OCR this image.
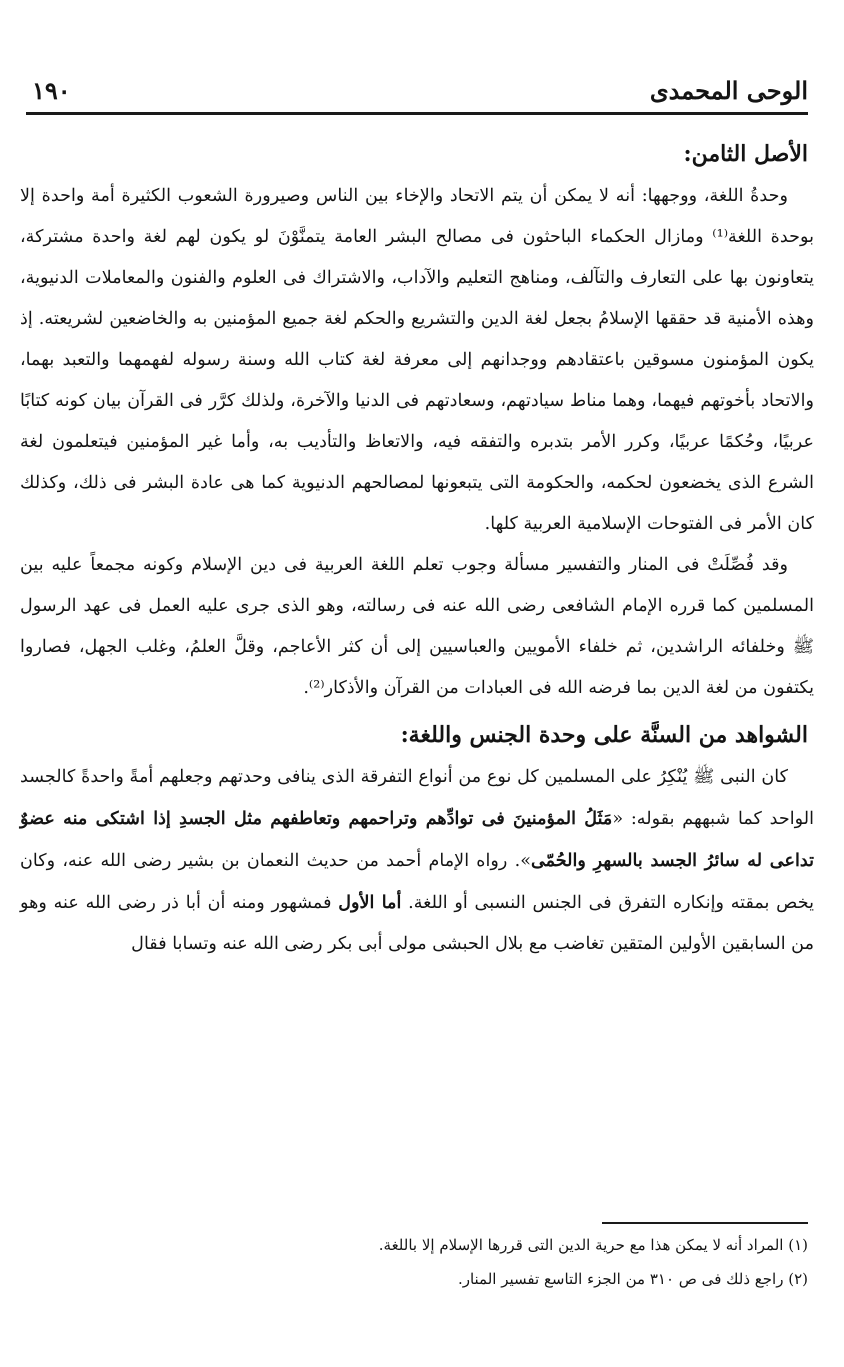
الوحى المحمدى
١٩٠
الأصل الثامن:

وحدةُ اللغة، ووجهها: أنه لا يمكن أن يتم الاتحاد والإخاء بين الناس وصيرورة الشعوب الكثيرة أمة واحدة إلا بوحدة اللغة⁽¹⁾ ومازال الحكماء الباحثون فى مصالح البشر العامة يتمنَّوْنَ لو يكون لهم لغة واحدة مشتركة، يتعاونون بها على التعارف والتآلف، ومناهج التعليم والآداب، والاشتراك فى العلوم والفنون والمعاملات الدنيوية، وهذه الأمنية قد حققها الإسلامُ بجعل لغة الدين والتشريع والحكم لغة جميع المؤمنين به والخاضعين لشريعته. إذ يكون المؤمنون مسوقين باعتقادهم ووجدانهم إلى معرفة لغة كتاب الله وسنة رسوله لفهمهما والتعبد بهما، والاتحاد بأخوتهم فيهما، وهما مناط سيادتهم، وسعادتهم فى الدنيا والآخرة، ولذلك كرَّر فى القرآن بيان كونه كتابًا عربيًا، وحُكمًا عربيًا، وكرر الأمر بتدبره والتفقه فيه، والاتعاظ والتأديب به، وأما غير المؤمنين فيتعلمون لغة الشرع الذى يخضعون لحكمه، والحكومة التى يتبعونها لمصالحهم الدنيوية كما هى عادة البشر فى ذلك، وكذلك كان الأمر فى الفتوحات الإسلامية العربية كلها.

وقد فُصِّلَتْ فى المنار والتفسير مسألة وجوب تعلم اللغة العربية فى دين الإسلام وكونه مجمعاً عليه بين المسلمين كما قرره الإمام الشافعى رضى الله عنه فى رسالته، وهو الذى جرى عليه العمل فى عهد الرسول ﷺ وخلفائه الراشدين، ثم خلفاء الأمويين والعباسيين إلى أن كثر الأعاجم، وقلَّ العلمُ، وغلب الجهل، فصاروا يكتفون من لغة الدين بما فرضه الله فى العبادات من القرآن والأذكار⁽²⁾.

الشواهد من السنَّة على وحدة الجنس واللغة:

كان النبى ﷺ يُنْكِرُ على المسلمين كل نوع من أنواع التفرقة الذى ينافى وحدتهم وجعلهم أمةً واحدةً كالجسد الواحد كما شبههم بقوله: «مَثَلُ المؤمنينَ فى توادِّهم وتراحمهم وتعاطفهم مثل الجسدِ إذا اشتكى منه عضوٌ تداعى له سائرُ الجسد بالسهرِ والحُمّى». رواه الإمام أحمد من حديث النعمان بن بشير رضى الله عنه، وكان يخص بمقته وإنكاره التفرق فى الجنس النسبى أو اللغة. أما الأول فمشهور ومنه أن أبا ذر رضى الله عنه وهو من السابقين الأولين المتقين تغاضب مع بلال الحبشى مولى أبى بكر رضى الله عنه وتسابا فقال

(١) المراد أنه لا يمكن هذا مع حرية الدين التى قررها الإسلام إلا باللغة.

(٢) راجع ذلك فى ص ٣١٠ من الجزء التاسع تفسير المنار.
